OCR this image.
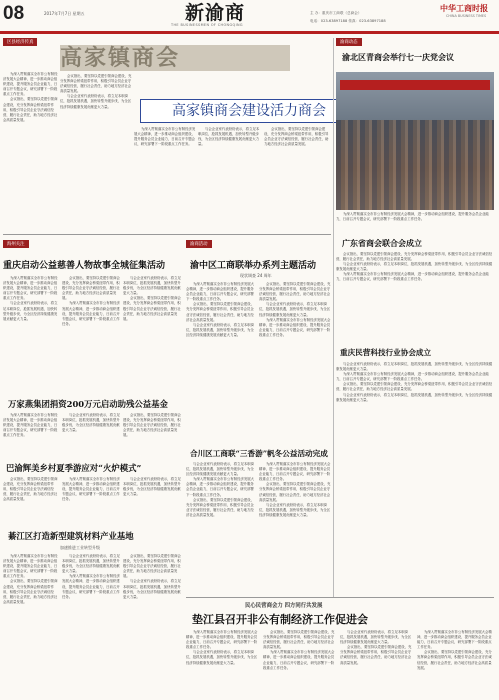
08	2017年7月7日 星期五	新渝商
THE BUSINESSMEN OF CHONGQING
主 办：重庆市工商联（总商会）
电话：023-63897188 传真：023-63897188
中华工商时报
CHINA BUSINESS TIMES
区县经济传真	渝商动态
海州关注	渝商活动
高家镇商会

为深入贯彻落实全市非公有制经济发展大会精神，进一步推动商会组织建设，提升服务会员企业能力，日前召开专题会议，研究部署下一阶段重点工作任务。

会议指出，要坚持以党建引领商会建设，充分发挥商会桥梁纽带作用，积极引导会员企业守法诚信经营，履行社会责任，助力地方经济社会高质量发展。

会议指出，要坚持以党建引领商会建设，充分发挥商会桥梁纽带作用，积极引导会员企业守法诚信经营，履行社会责任，助力地方经济社会高质量发展。

与会企业家代表纷纷表示，将立足本职岗位，抢抓发展机遇，加快转型升级步伐，为全区经济持续健康发展贡献更大力量。

为深入贯彻落实全市非公有制经济发展大会精神，进一步推动商会组织建设，提升服务会员企业能力，日前召开专题会议，研究部署下一阶段重点工作任务。

与会企业家代表纷纷表示，将立足本职岗位，抢抓发展机遇，加快转型升级步伐，为全区经济持续健康发展贡献更大力量。

会议指出，要坚持以党建引领商会建设，充分发挥商会桥梁纽带作用，积极引导会员企业守法诚信经营，履行社会责任，助力地方经济社会高质量发展。

高家镇商会建设活力商会
渝北区青商会举行七一庆党会议

为深入贯彻落实全市非公有制经济发展大会精神，进一步推动商会组织建设，提升服务会员企业能力，日前召开专题会议，研究部署下一阶段重点工作任务。

广东省商会联合会成立

会议指出，要坚持以党建引领商会建设，充分发挥商会桥梁纽带作用，积极引导会员企业守法诚信经营，履行社会责任，助力地方经济社会高质量发展。

与会企业家代表纷纷表示，将立足本职岗位，抢抓发展机遇，加快转型升级步伐，为全区经济持续健康发展贡献更大力量。

为深入贯彻落实全市非公有制经济发展大会精神，进一步推动商会组织建设，提升服务会员企业能力，日前召开专题会议，研究部署下一阶段重点工作任务。

重庆民营科技行业协会成立

与会企业家代表纷纷表示，将立足本职岗位，抢抓发展机遇，加快转型升级步伐，为全区经济持续健康发展贡献更大力量。

为深入贯彻落实全市非公有制经济发展大会精神，进一步推动商会组织建设，提升服务会员企业能力，日前召开专题会议，研究部署下一阶段重点工作任务。

会议指出，要坚持以党建引领商会建设，充分发挥商会桥梁纽带作用，积极引导会员企业守法诚信经营，履行社会责任，助力地方经济社会高质量发展。

与会企业家代表纷纷表示，将立足本职岗位，抢抓发展机遇，加快转型升级步伐，为全区经济持续健康发展贡献更大力量。

渝中区工商联举办系列主题活动
现状调查 24 周年

为深入贯彻落实全市非公有制经济发展大会精神，进一步推动商会组织建设，提升服务会员企业能力，日前召开专题会议，研究部署下一阶段重点工作任务。

会议指出，要坚持以党建引领商会建设，充分发挥商会桥梁纽带作用，积极引导会员企业守法诚信经营，履行社会责任，助力地方经济社会高质量发展。

与会企业家代表纷纷表示，将立足本职岗位，抢抓发展机遇，加快转型升级步伐，为全区经济持续健康发展贡献更大力量。

会议指出，要坚持以党建引领商会建设，充分发挥商会桥梁纽带作用，积极引导会员企业守法诚信经营，履行社会责任，助力地方经济社会高质量发展。

与会企业家代表纷纷表示，将立足本职岗位，抢抓发展机遇，加快转型升级步伐，为全区经济持续健康发展贡献更大力量。

为深入贯彻落实全市非公有制经济发展大会精神，进一步推动商会组织建设，提升服务会员企业能力，日前召开专题会议，研究部署下一阶段重点工作任务。

重庆启动公益慈善人物故事全城征集活动

为深入贯彻落实全市非公有制经济发展大会精神，进一步推动商会组织建设，提升服务会员企业能力，日前召开专题会议，研究部署下一阶段重点工作任务。

与会企业家代表纷纷表示，将立足本职岗位，抢抓发展机遇，加快转型升级步伐，为全区经济持续健康发展贡献更大力量。

会议指出，要坚持以党建引领商会建设，充分发挥商会桥梁纽带作用，积极引导会员企业守法诚信经营，履行社会责任，助力地方经济社会高质量发展。

为深入贯彻落实全市非公有制经济发展大会精神，进一步推动商会组织建设，提升服务会员企业能力，日前召开专题会议，研究部署下一阶段重点工作任务。

与会企业家代表纷纷表示，将立足本职岗位，抢抓发展机遇，加快转型升级步伐，为全区经济持续健康发展贡献更大力量。

会议指出，要坚持以党建引领商会建设，充分发挥商会桥梁纽带作用，积极引导会员企业守法诚信经营，履行社会责任，助力地方经济社会高质量发展。

万家燕集团捐资200万元启动助残公益基金

为深入贯彻落实全市非公有制经济发展大会精神，进一步推动商会组织建设，提升服务会员企业能力，日前召开专题会议，研究部署下一阶段重点工作任务。

与会企业家代表纷纷表示，将立足本职岗位，抢抓发展机遇，加快转型升级步伐，为全区经济持续健康发展贡献更大力量。

会议指出，要坚持以党建引领商会建设，充分发挥商会桥梁纽带作用，积极引导会员企业守法诚信经营，履行社会责任，助力地方经济社会高质量发展。

合川区工商联“三香游”帆冬公益活动完成

与会企业家代表纷纷表示，将立足本职岗位，抢抓发展机遇，加快转型升级步伐，为全区经济持续健康发展贡献更大力量。

为深入贯彻落实全市非公有制经济发展大会精神，进一步推动商会组织建设，提升服务会员企业能力，日前召开专题会议，研究部署下一阶段重点工作任务。

会议指出，要坚持以党建引领商会建设，充分发挥商会桥梁纽带作用，积极引导会员企业守法诚信经营，履行社会责任，助力地方经济社会高质量发展。

为深入贯彻落实全市非公有制经济发展大会精神，进一步推动商会组织建设，提升服务会员企业能力，日前召开专题会议，研究部署下一阶段重点工作任务。

会议指出，要坚持以党建引领商会建设，充分发挥商会桥梁纽带作用，积极引导会员企业守法诚信经营，履行社会责任，助力地方经济社会高质量发展。

与会企业家代表纷纷表示，将立足本职岗位，抢抓发展机遇，加快转型升级步伐，为全区经济持续健康发展贡献更大力量。

巴渝辉美乡村夏季游应对“火炉模式”

会议指出，要坚持以党建引领商会建设，充分发挥商会桥梁纽带作用，积极引导会员企业守法诚信经营，履行社会责任，助力地方经济社会高质量发展。

为深入贯彻落实全市非公有制经济发展大会精神，进一步推动商会组织建设，提升服务会员企业能力，日前召开专题会议，研究部署下一阶段重点工作任务。

与会企业家代表纷纷表示，将立足本职岗位，抢抓发展机遇，加快转型升级步伐，为全区经济持续健康发展贡献更大力量。

綦江区打造新型建筑材料产业基地
加速推进工业转型升级

为深入贯彻落实全市非公有制经济发展大会精神，进一步推动商会组织建设，提升服务会员企业能力，日前召开专题会议，研究部署下一阶段重点工作任务。

会议指出，要坚持以党建引领商会建设，充分发挥商会桥梁纽带作用，积极引导会员企业守法诚信经营，履行社会责任，助力地方经济社会高质量发展。

与会企业家代表纷纷表示，将立足本职岗位，抢抓发展机遇，加快转型升级步伐，为全区经济持续健康发展贡献更大力量。

为深入贯彻落实全市非公有制经济发展大会精神，进一步推动商会组织建设，提升服务会员企业能力，日前召开专题会议，研究部署下一阶段重点工作任务。

会议指出，要坚持以党建引领商会建设，充分发挥商会桥梁纽带作用，积极引导会员企业守法诚信经营，履行社会责任，助力地方经济社会高质量发展。

与会企业家代表纷纷表示，将立足本职岗位，抢抓发展机遇，加快转型升级步伐，为全区经济持续健康发展贡献更大力量。

民心民营商会力 四方同行共发展
垫江县召开非公有制经济工作促进会

为深入贯彻落实全市非公有制经济发展大会精神，进一步推动商会组织建设，提升服务会员企业能力，日前召开专题会议，研究部署下一阶段重点工作任务。

与会企业家代表纷纷表示，将立足本职岗位，抢抓发展机遇，加快转型升级步伐，为全区经济持续健康发展贡献更大力量。

会议指出，要坚持以党建引领商会建设，充分发挥商会桥梁纽带作用，积极引导会员企业守法诚信经营，履行社会责任，助力地方经济社会高质量发展。

为深入贯彻落实全市非公有制经济发展大会精神，进一步推动商会组织建设，提升服务会员企业能力，日前召开专题会议，研究部署下一阶段重点工作任务。

与会企业家代表纷纷表示，将立足本职岗位，抢抓发展机遇，加快转型升级步伐，为全区经济持续健康发展贡献更大力量。

会议指出，要坚持以党建引领商会建设，充分发挥商会桥梁纽带作用，积极引导会员企业守法诚信经营，履行社会责任，助力地方经济社会高质量发展。

为深入贯彻落实全市非公有制经济发展大会精神，进一步推动商会组织建设，提升服务会员企业能力，日前召开专题会议，研究部署下一阶段重点工作任务。

会议指出，要坚持以党建引领商会建设，充分发挥商会桥梁纽带作用，积极引导会员企业守法诚信经营，履行社会责任，助力地方经济社会高质量发展。
